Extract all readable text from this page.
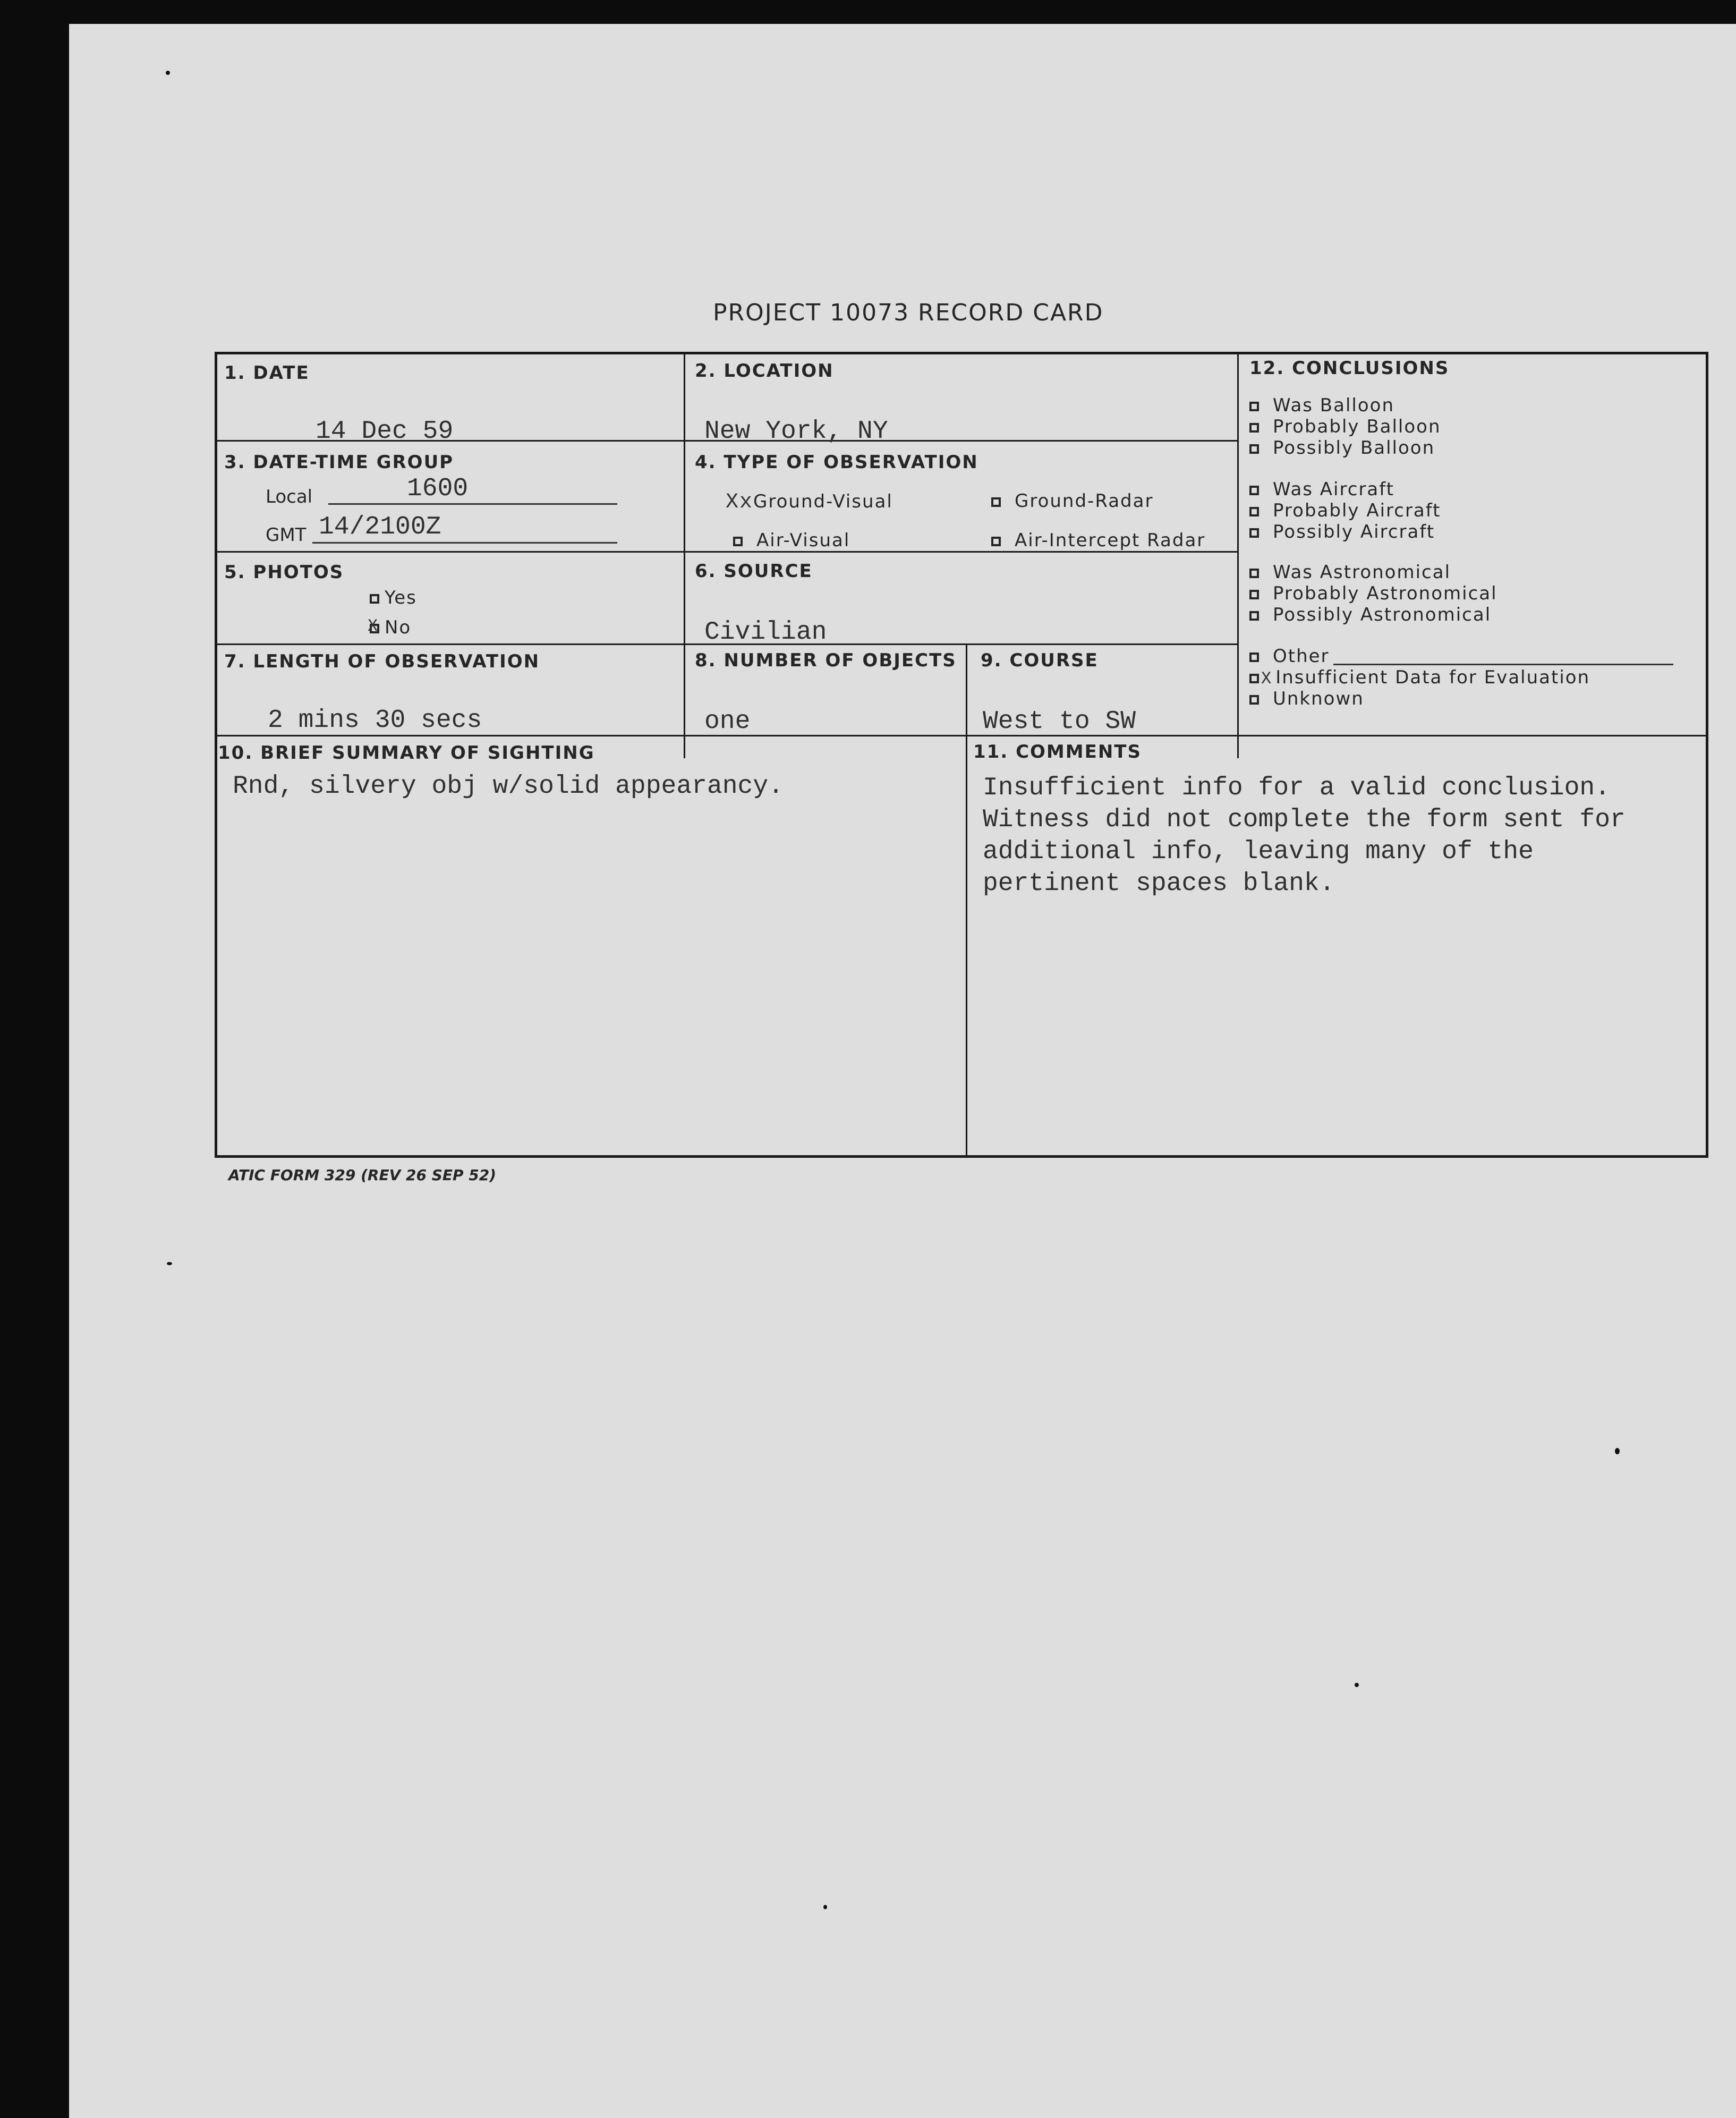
PROJECT 10073 RECORD CARD
1. DATE
14 Dec 59
2. LOCATION
New York, NY
3. DATE-TIME GROUP
Local	1600
GMT 14/2100Z
4. TYPE OF OBSERVATION
XxGround-Visual	Ground-Radar
Air-Visual	Air-Intercept Radar
5. PHOTOS
Yes
X No
6. SOURCE
Civilian
7. LENGTH OF OBSERVATION
2 mins 30 secs
8. NUMBER OF OBJECTS
one
9. COURSE
West to SW
12. CONCLUSIONS
Was Balloon
Probably Balloon
Possibly Balloon
Was Aircraft
Probably Aircraft
Possibly Aircraft
Was Astronomical
Probably Astronomical
Possibly Astronomical
Other
X Insufficient Data for Evaluation
Unknown
10. BRIEF SUMMARY OF SIGHTING
Rnd, silvery obj w/solid appearancy.
11. COMMENTS
Insufficient info for a valid conclusion.
Witness did not complete the form sent for
additional info, leaving many of the
pertinent spaces blank.
ATIC FORM 329 (REV 26 SEP 52)
